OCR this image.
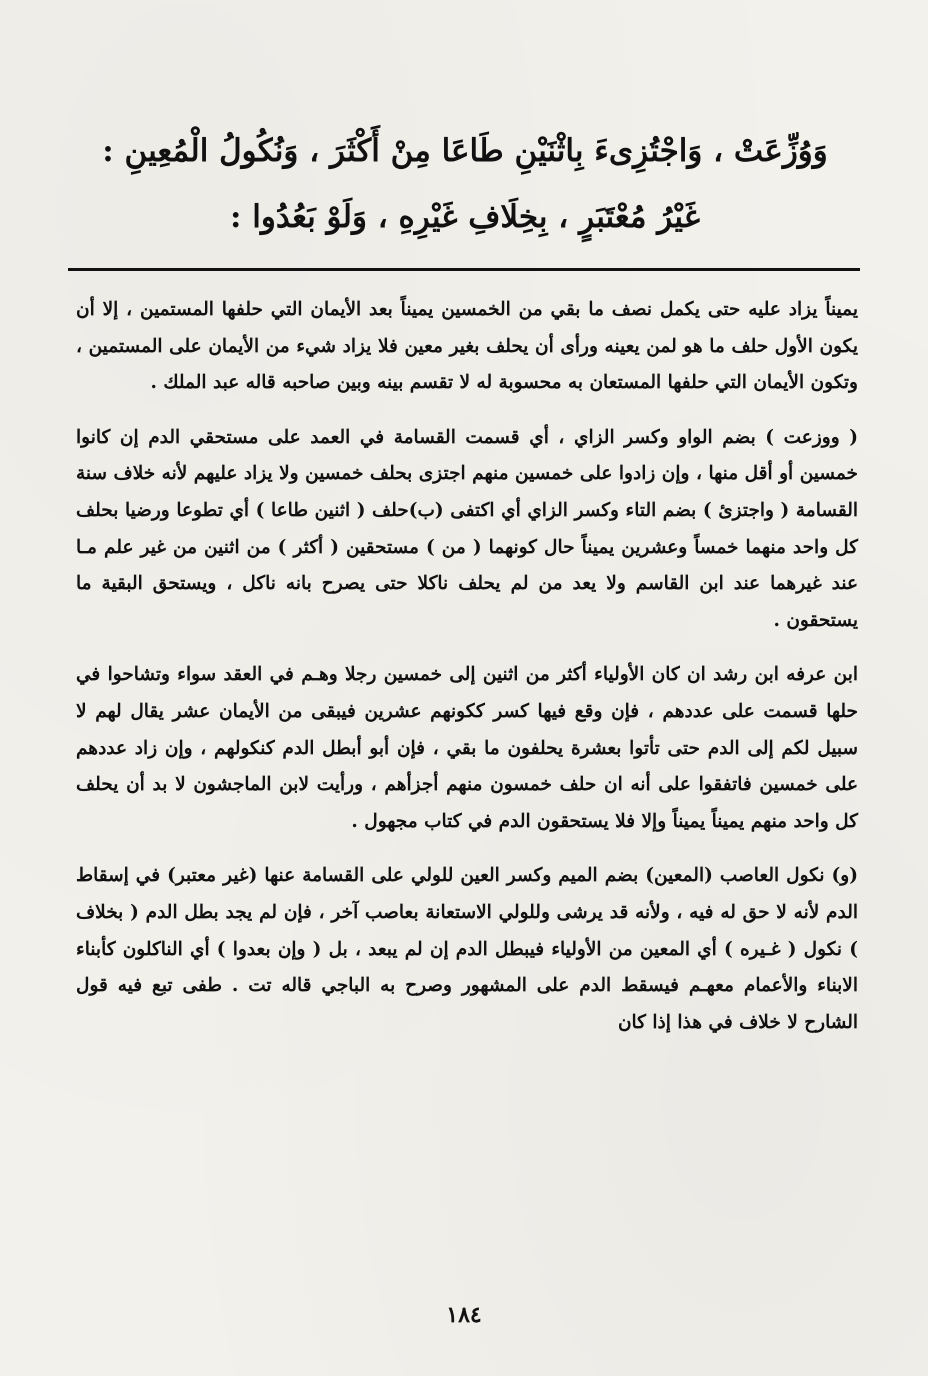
وَوُزِّعَتْ ، وَاجْتُزِىءَ بِاثْنَيْنِ طَاعَا مِنْ أَكْثَرَ ، وَنُكُولُ الْمُعِينِ :
غَيْرُ مُعْتَبَرٍ ، بِخِلَافِ غَيْرِهِ ، وَلَوْ بَعُدُوا :

يميناً يزاد عليه حتى يكمل نصف ما بقي من الخمسين يميناً بعد الأيمان التي حلفها المستمين ، إلا أن يكون الأول حلف ما هو لمن يعينه ورأى أن يحلف بغير معين فلا يزاد شيء من الأيمان على المستمين ، وتكون الأيمان التي حلفها المستعان به محسوبة له لا تقسم بينه وبين صاحبه قاله عبد الملك .

( ووزعت ) بضم الواو وكسر الزاي ، أي قسمت القسامة في العمد على مستحقي الدم إن كانوا خمسين أو أقل منها ، وإن زادوا على خمسين منهم اجتزى بحلف خمسين ولا يزاد عليهم لأنه خلاف سنة القسامة ( واجتزئ ) بضم التاء وكسر الزاي أي اكتفى (ب)حلف ( اثنين طاعا ) أي تطوعا ورضيا بحلف كل واحد منهما خمساً وعشرين يميناً حال كونهما ( من ) مستحقين ( أكثر ) من اثنين من غير علم مـا عند غيرهما عند ابن القاسم ولا يعد من لم يحلف ناكلا حتى يصرح بانه ناكل ، ويستحق البقية ما يستحقون .

ابن عرفه ابن رشد ان كان الأولياء أكثر من اثنين إلى خمسين رجلا وهـم في العقد سواء وتشاحوا في حلها قسمت على عددهم ، فإن وقع فيها كسر ككونهم عشرين فيبقى من الأيمان عشر يقال لهم لا سبيل لكم إلى الدم حتى تأتوا بعشرة يحلفون ما بقي ، فإن أبو أبطل الدم كنكولهم ، وإن زاد عددهم على خمسين فاتفقوا على أنه ان حلف خمسون منهم أجزأهم ، ورأيت لابن الماجشون لا بد أن يحلف كل واحد منهم يميناً يميناً وإلا فلا يستحقون الدم في كتاب مجهول .

(و) نكول العاصب (المعين) بضم الميم وكسر العين للولي على القسامة عنها (غير معتبر) في إسقاط الدم لأنه لا حق له فيه ، ولأنه قد يرشى وللولي الاستعانة بعاصب آخر ، فإن لم يجد بطل الدم ( بخلاف ) نكول ( غـيره ) أي المعين من الأولياء فيبطل الدم إن لم يبعد ، بل ( وإن بعدوا ) أي الناكلون كأبناء الابناء والأعمام معهـم فيسقط الدم على المشهور وصرح به الباجي قاله تت . طفى تبع فيه قول الشارح لا خلاف في هذا إذا كان

١٨٤
